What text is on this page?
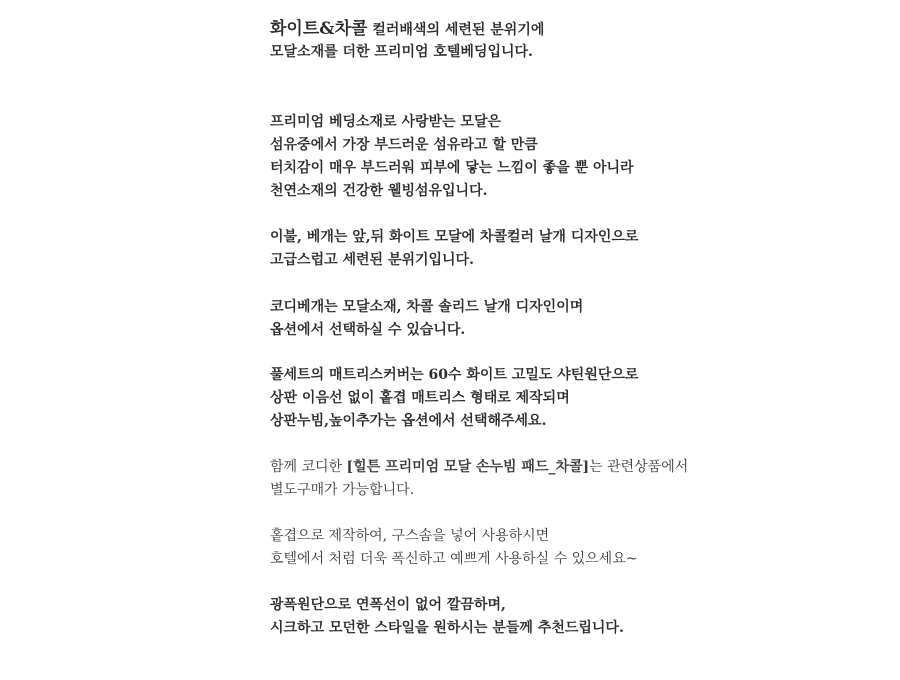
화이트&차콜 컬러배색의 세련된 분위기에
모달소재를 더한 프리미엄 호텔베딩입니다.
프리미엄 베딩소재로 사랑받는 모달은
섬유중에서 가장 부드러운 섬유라고 할 만큼
터치감이 매우 부드러워 피부에 닿는 느낌이 좋을 뿐 아니라
천연소재의 건강한 웰빙섬유입니다.
이불, 베개는 앞,뒤 화이트 모달에 차콜컬러 날개 디자인으로
고급스럽고 세련된 분위기입니다.
코디베개는 모달소재, 차콜 솔리드 날개 디자인이며
옵션에서 선택하실 수 있습니다.
풀세트의 매트리스커버는 60수 화이트 고밀도 샤틴원단으로
상판 이음선 없이 홑겹 매트리스 형태로 제작되며
상판누빔,높이추가는 옵션에서 선택해주세요.
함께 코디한 [힐튼 프리미엄 모달 손누빔 패드_차콜]는 관련상품에서
별도구매가 가능합니다.
홑겹으로 제작하여, 구스솜을 넣어 사용하시면
호텔에서 처럼 더욱 폭신하고 예쁘게 사용하실 수 있으세요~
광폭원단으로 연폭선이 없어 깔끔하며,
시크하고 모던한 스타일을 원하시는 분들께 추천드립니다.
